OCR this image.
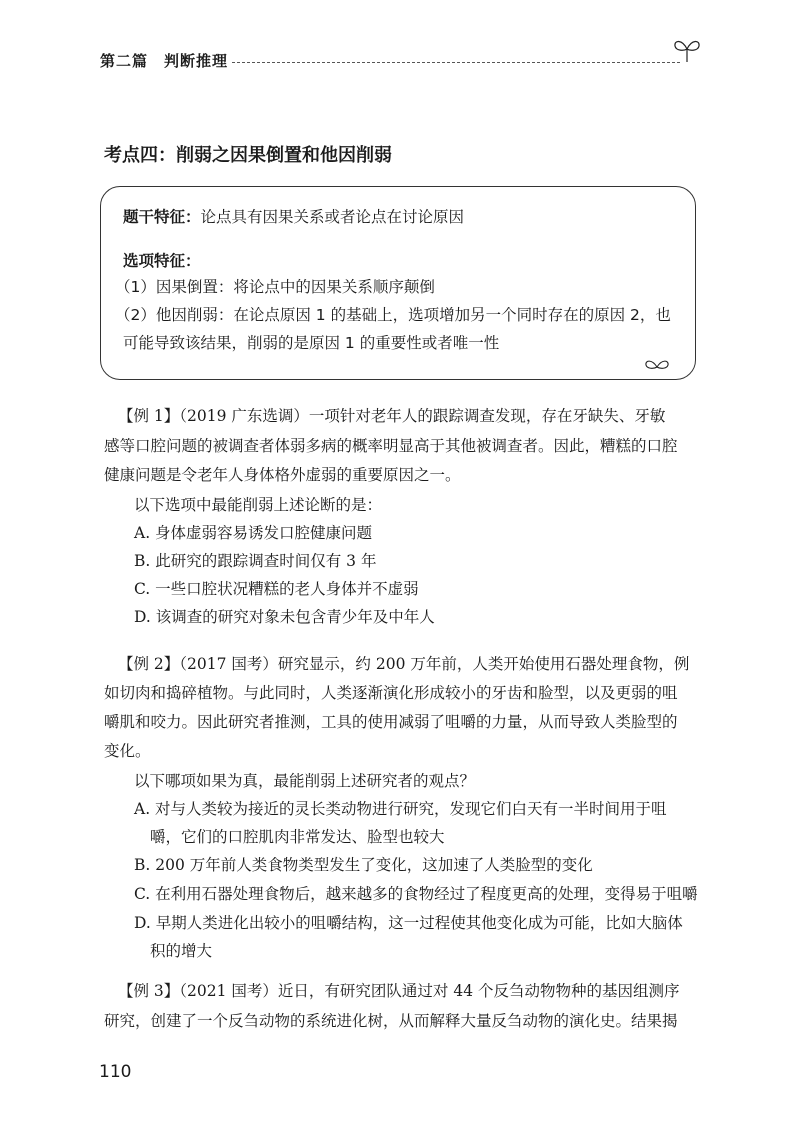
第二篇　判断推理
考点四：削弱之因果倒置和他因削弱
题干特征：论点具有因果关系或者论点在讨论原因
选项特征：
（1）因果倒置：将论点中的因果关系顺序颠倒
（2）他因削弱：在论点原因 1 的基础上，选项增加另一个同时存在的原因 2，也
可能导致该结果，削弱的是原因 1 的重要性或者唯一性
【例 1】（2019 广东选调）一项针对老年人的跟踪调查发现，存在牙缺失、牙敏
感等口腔问题的被调查者体弱多病的概率明显高于其他被调查者。因此，糟糕的口腔
健康问题是令老年人身体格外虚弱的重要原因之一。
以下选项中最能削弱上述论断的是：
A. 身体虚弱容易诱发口腔健康问题
B. 此研究的跟踪调查时间仅有 3 年
C. 一些口腔状况糟糕的老人身体并不虚弱
D. 该调查的研究对象未包含青少年及中年人
【例 2】（2017 国考）研究显示，约 200 万年前，人类开始使用石器处理食物，例
如切肉和捣碎植物。与此同时，人类逐渐演化形成较小的牙齿和脸型，以及更弱的咀
嚼肌和咬力。因此研究者推测，工具的使用减弱了咀嚼的力量，从而导致人类脸型的
变化。
以下哪项如果为真，最能削弱上述研究者的观点？
A. 对与人类较为接近的灵长类动物进行研究，发现它们白天有一半时间用于咀
嚼，它们的口腔肌肉非常发达、脸型也较大
B. 200 万年前人类食物类型发生了变化，这加速了人类脸型的变化
C. 在利用石器处理食物后，越来越多的食物经过了程度更高的处理，变得易于咀嚼
D. 早期人类进化出较小的咀嚼结构，这一过程使其他变化成为可能，比如大脑体
积的增大
【例 3】（2021 国考）近日，有研究团队通过对 44 个反刍动物物种的基因组测序
研究，创建了一个反刍动物的系统进化树，从而解释大量反刍动物的演化史。结果揭
110
